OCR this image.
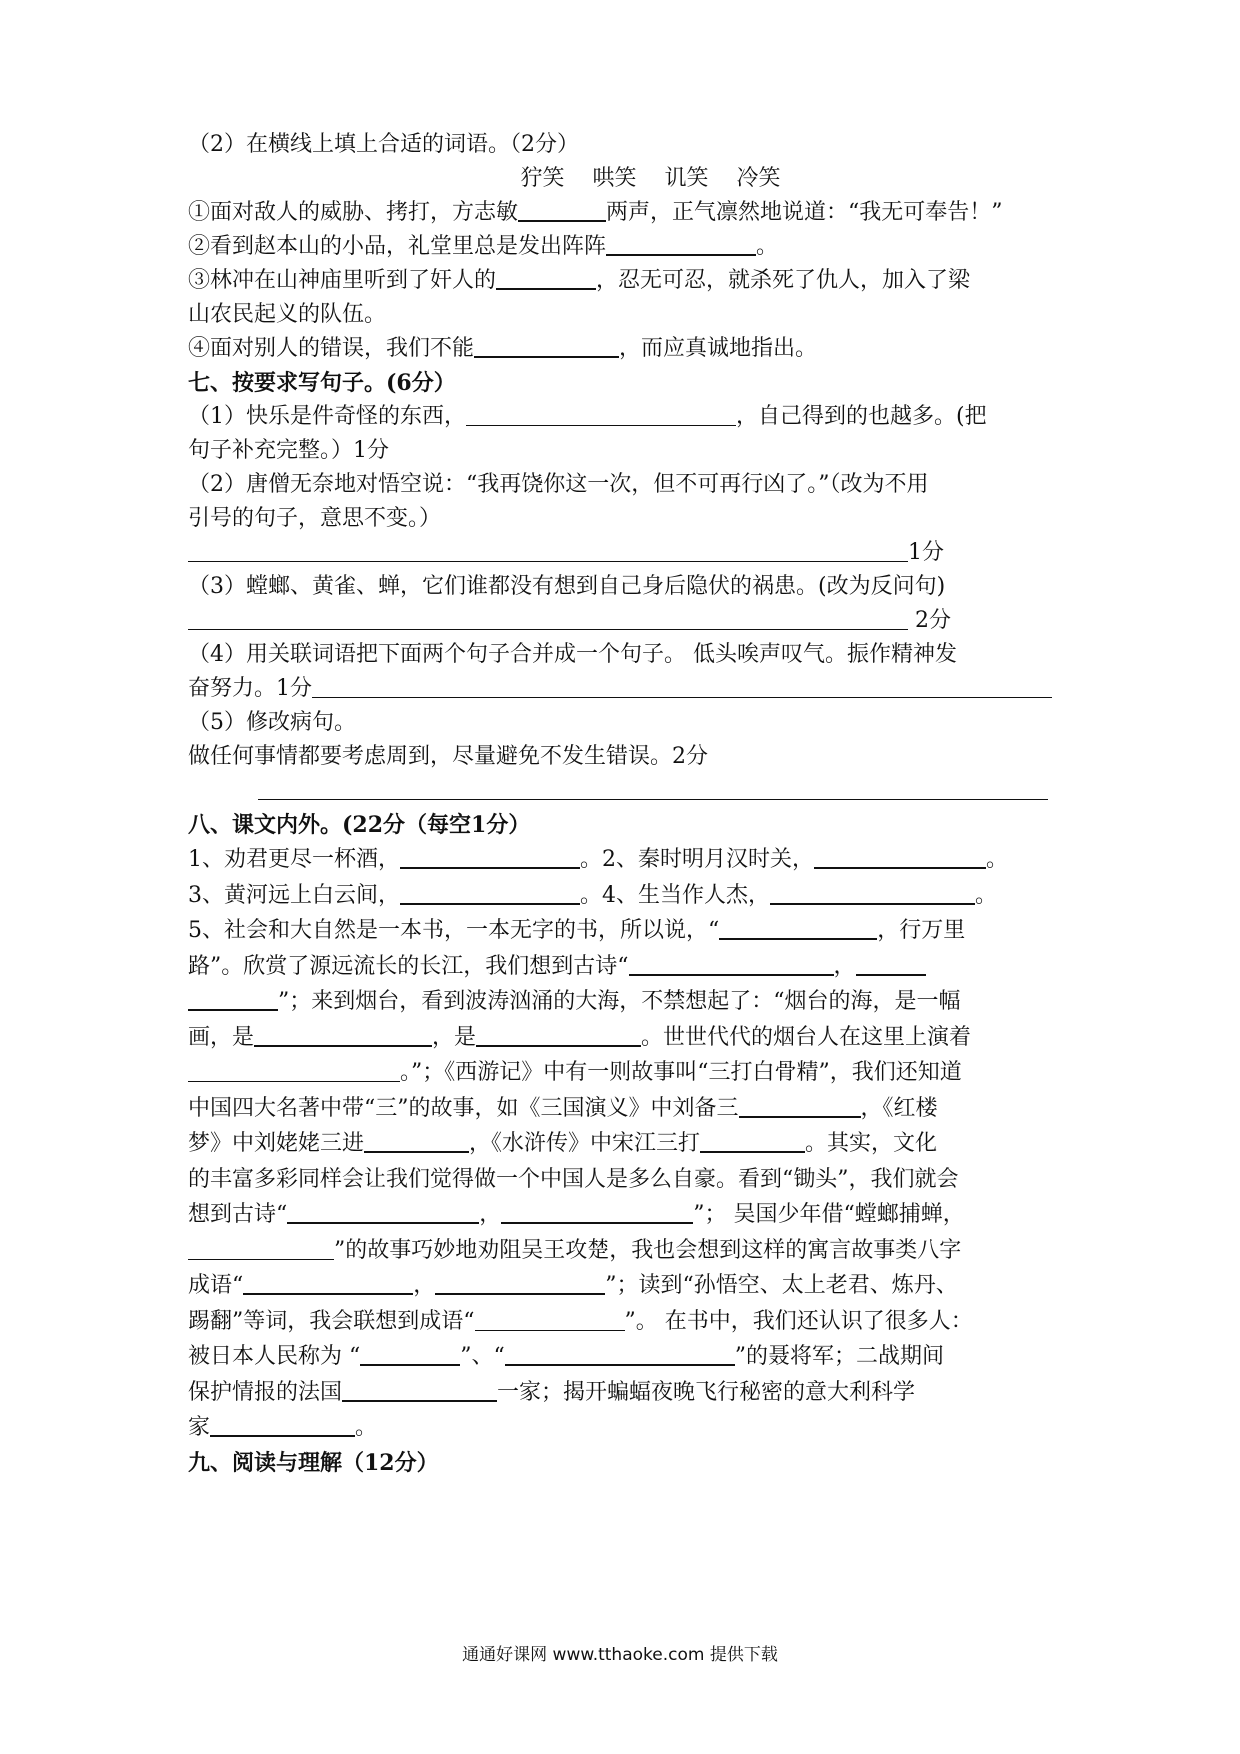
（2）在横线上填上合适的词语。（2分）
狞笑 哄笑 讥笑 冷笑
①面对敌人的威胁、拷打，方志敏	两声，正气凛然地说道：“我无可奉告！”
②看到赵本山的小品，礼堂里总是发出阵阵	。
③林冲在山神庙里听到了奸人的	，忍无可忍，就杀死了仇人，加入了梁
山农民起义的队伍。
④面对别人的错误，我们不能	，而应真诚地指出。
七、按要求写句子。(6分）
（1）快乐是件奇怪的东西，	，自己得到的也越多。(把
句子补充完整。）1分
（2）唐僧无奈地对悟空说：“我再饶你这一次，但不可再行凶了。”（改为不用
引号的句子，意思不变。）
1分
（3）螳螂、黄雀、蝉，它们谁都没有想到自己身后隐伏的祸患。(改为反问句)
2分
（4）用关联词语把下面两个句子合并成一个句子。 低头唉声叹气。振作精神发
奋努力。1分
（5）修改病句。
做任何事情都要考虑周到，尽量避免不发生错误。2分
八、课文内外。(22分（每空1分）
1、劝君更尽一杯酒，	。2、秦时明月汉时关，	。
3、黄河远上白云间，	。4、生当作人杰，	。
5、社会和大自然是一本书，一本无字的书，所以说，“	，行万里
路”。欣赏了源远流长的长江，我们想到古诗“	，
”；来到烟台，看到波涛汹涌的大海，不禁想起了：“烟台的海，是一幅
画，是	，是	。世世代代的烟台人在这里上演着
。”；《西游记》中有一则故事叫“三打白骨精”，我们还知道
中国四大名著中带“三”的故事，如《三国演义》中刘备三	，《红楼
梦》中刘姥姥三进	，《水浒传》中宋江三打	。其实，文化
的丰富多彩同样会让我们觉得做一个中国人是多么自豪。看到“锄头”，我们就会
想到古诗“	，	”； 吴国少年借“螳螂捕蝉，
”的故事巧妙地劝阻吴王攻楚，我也会想到这样的寓言故事类八字
成语“	，	”；读到“孙悟空、太上老君、炼丹、
踢翻”等词，我会联想到成语“	”。 在书中，我们还认识了很多人：
被日本人民称为 “	”、“	”的聂将军；二战期间
保护情报的法国	一家；揭开蝙蝠夜晚飞行秘密的意大利科学
家	。
九、阅读与理解（12分）
通通好课网 www.tthaoke.com 提供下载
